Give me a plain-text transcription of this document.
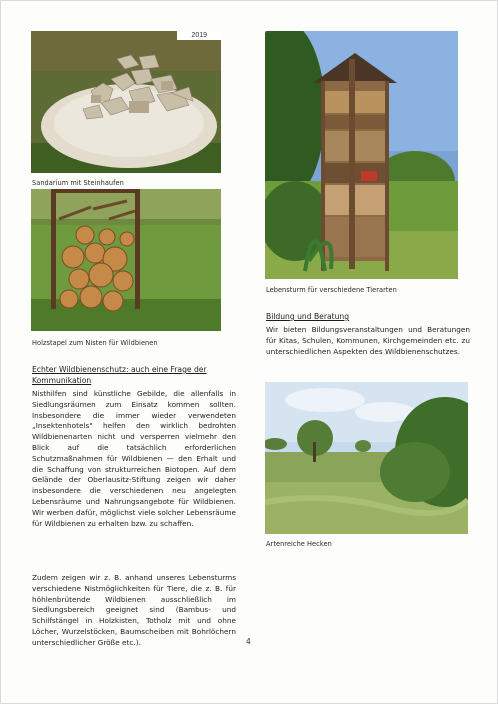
2019
Sandarium mit Steinhaufen
Holzstapel zum Nisten für Wildbienen
Echter Wildbienenschutz: auch eine Frage der Kommunikation

Nisthilfen sind künstliche Gebilde, die allenfalls in Siedlungsräumen zum Einsatz kommen sollten. Insbesondere die immer wieder verwendeten „Insektenhotels" helfen den wirklich bedrohten Wildbienenarten nicht und versperren vielmehr den Blick auf die tatsächlich erforderlichen Schutzmaßnahmen für Wildbienen — den Erhalt und die Schaffung von strukturreichen Biotopen. Auf dem Gelände der Oberlausitz-Stiftung zeigen wir daher insbesondere die verschiedenen neu angelegten Lebensräume und Nahrungsangebote für Wildbienen. Wir werben dafür, möglichst viele solcher Lebensräume für Wildbienen zu erhalten bzw. zu schaffen.

Zudem zeigen wir z. B. anhand unseres Lebensturms verschiedene Nistmöglichkeiten für Tiere, die z. B. für höhlenbrütende Wildbienen ausschließlich im Siedlungsbereich geeignet sind (Bambus- und Schilfstängel in Holzkisten, Totholz mit und ohne Löcher, Wurzelstöcken, Baumscheiben mit Bohrlöchern unterschiedlicher Größe etc.).

Lebensturm für verschiedene Tierarten
Bildung und Beratung

Wir bieten Bildungsveranstaltungen und Beratungen für Kitas, Schulen, Kommunen, Kirchgemeinden etc. zu unterschiedlichen Aspekten des Wildbienenschutzes.

Artenreiche Hecken
4
